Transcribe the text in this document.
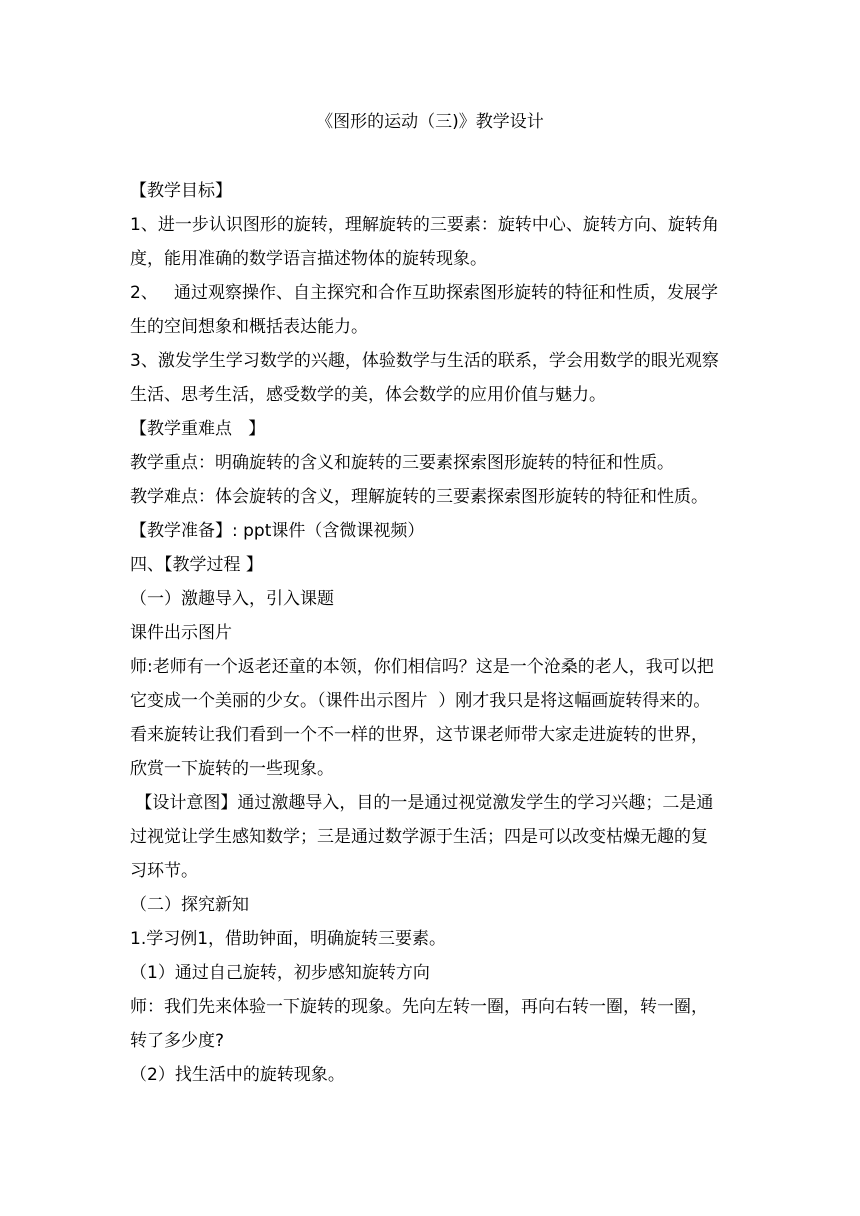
《图形的运动（三)》教学设计
【教学目标】
1、进一步认识图形的旋转，理解旋转的三要素：旋转中心、旋转方向、旋转角
度，能用准确的数学语言描述物体的旋转现象。
2、   通过观察操作、自主探究和合作互助探索图形旋转的特征和性质，发展学
生的空间想象和概括表达能力。
3、激发学生学习数学的兴趣，体验数学与生活的联系，学会用数学的眼光观察
生活、思考生活，感受数学的美，体会数学的应用价值与魅力。
【教学重难点   】
教学重点：明确旋转的含义和旋转的三要素探索图形旋转的特征和性质。
教学难点：体会旋转的含义，理解旋转的三要素探索图形旋转的特征和性质。
【教学准备】: ppt课件（含微课视频）
四、【教学过程 】
（一）激趣导入，引入课题
课件出示图片
师:老师有一个返老还童的本领，你们相信吗？这是一个沧桑的老人，我可以把
它变成一个美丽的少女。（课件出示图片  ）刚才我只是将这幅画旋转得来的。
看来旋转让我们看到一个不一样的世界，这节课老师带大家走进旋转的世界，
欣赏一下旋转的一些现象。
【设计意图】通过激趣导入，目的一是通过视觉激发学生的学习兴趣；二是通
过视觉让学生感知数学；三是通过数学源于生活；四是可以改变枯燥无趣的复
习环节。
（二）探究新知
1.学习例1，借助钟面，明确旋转三要素。
（1）通过自己旋转，初步感知旋转方向
师：我们先来体验一下旋转的现象。先向左转一圈，再向右转一圈，转一圈，
转了多少度?
（2）找生活中的旋转现象。
